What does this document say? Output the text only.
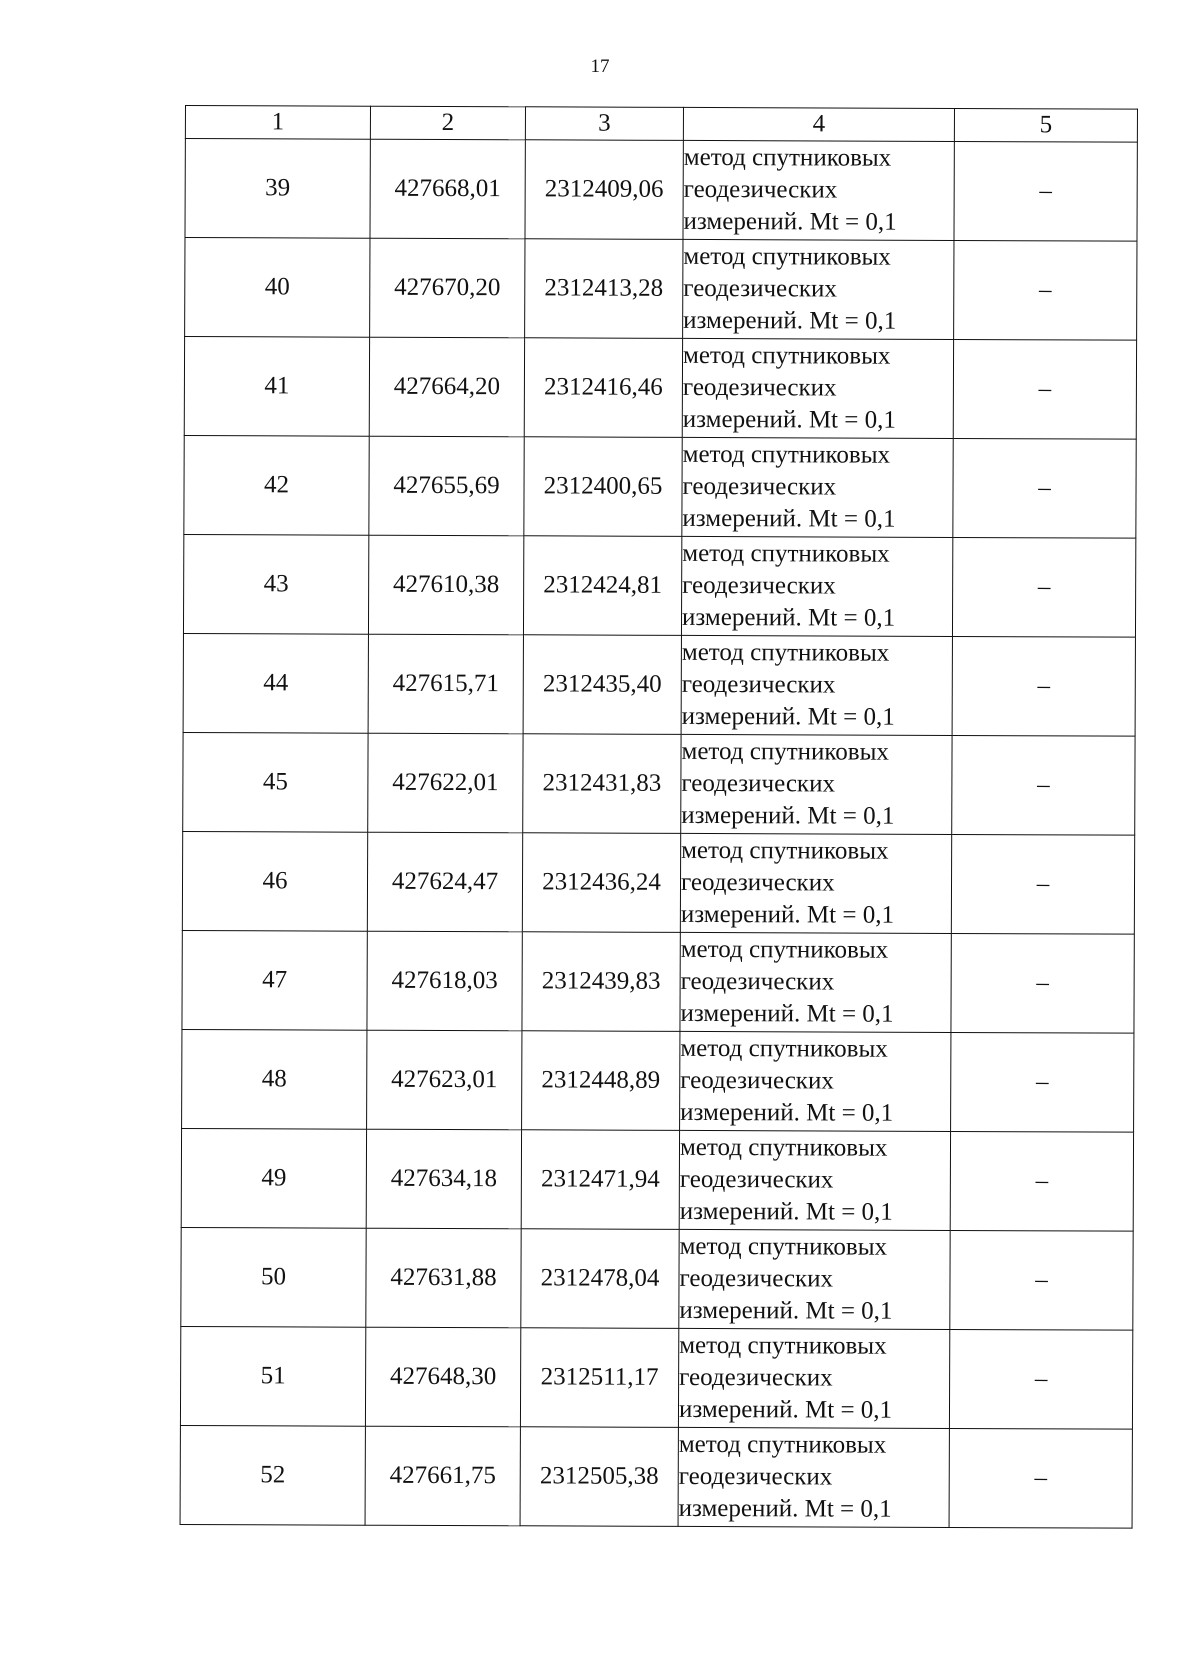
17
1	2	3	4	5
39	427668,01	2312409,06	метод спутниковых
геодезических
измерений. Mt = 0,1	–
40	427670,20	2312413,28	метод спутниковых
геодезических
измерений. Mt = 0,1	–
41	427664,20	2312416,46	метод спутниковых
геодезических
измерений. Mt = 0,1	–
42	427655,69	2312400,65	метод спутниковых
геодезических
измерений. Mt = 0,1	–
43	427610,38	2312424,81	метод спутниковых
геодезических
измерений. Mt = 0,1	–
44	427615,71	2312435,40	метод спутниковых
геодезических
измерений. Mt = 0,1	–
45	427622,01	2312431,83	метод спутниковых
геодезических
измерений. Mt = 0,1	–
46	427624,47	2312436,24	метод спутниковых
геодезических
измерений. Mt = 0,1	–
47	427618,03	2312439,83	метод спутниковых
геодезических
измерений. Mt = 0,1	–
48	427623,01	2312448,89	метод спутниковых
геодезических
измерений. Mt = 0,1	–
49	427634,18	2312471,94	метод спутниковых
геодезических
измерений. Mt = 0,1	–
50	427631,88	2312478,04	метод спутниковых
геодезических
измерений. Mt = 0,1	–
51	427648,30	2312511,17	метод спутниковых
геодезических
измерений. Mt = 0,1	–
52	427661,75	2312505,38	метод спутниковых
геодезических
измерений. Mt = 0,1	–
